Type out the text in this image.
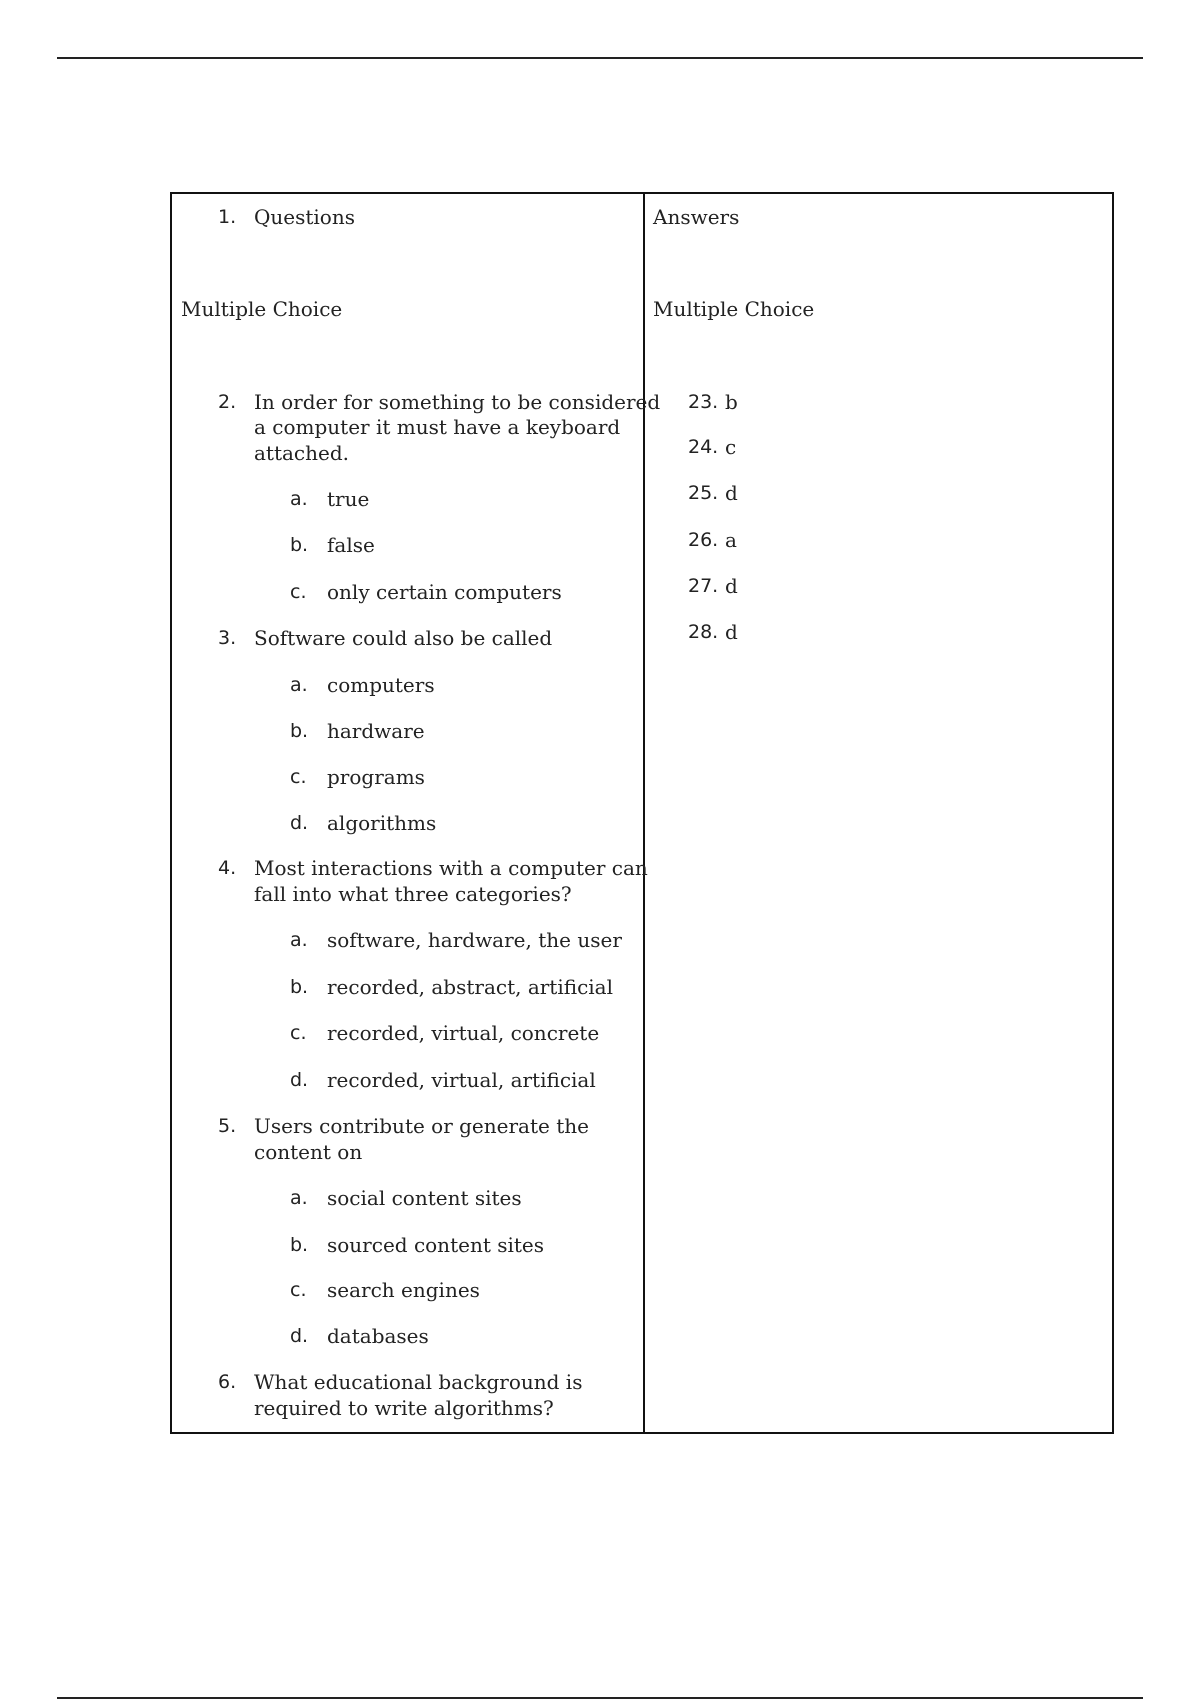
1. Questions
Multiple Choice
2. In order for something to be considered
a computer it must have a keyboard
attached.
a. true
b. false
c. only certain computers
3. Software could also be called
a. computers
b. hardware
c. programs
d. algorithms
4. Most interactions with a computer can
fall into what three categories?
a. software, hardware, the user
b. recorded, abstract, artificial
c. recorded, virtual, concrete
d. recorded, virtual, artificial
5. Users contribute or generate the
content on
a. social content sites
b. sourced content sites
c. search engines
d. databases
6. What educational background is
required to write algorithms?
Answers
Multiple Choice
23. b
24. c
25. d
26. a
27. d
28. d
